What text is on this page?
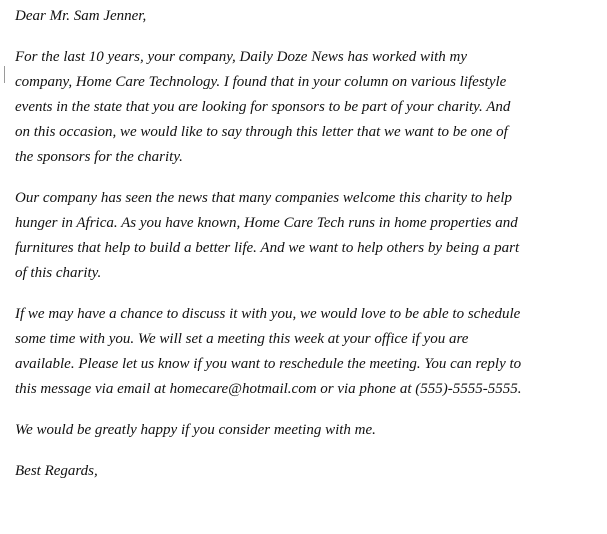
Dear Mr. Sam Jenner,

For the last 10 years, your company, Daily Doze News has worked with my
company, Home Care Technology. I found that in your column on various lifestyle
events in the state that you are looking for sponsors to be part of your charity. And
on this occasion, we would like to say through this letter that we want to be one of
the sponsors for the charity.

Our company has seen the news that many companies welcome this charity to help
hunger in Africa. As you have known, Home Care Tech runs in home properties and
furnitures that help to build a better life. And we want to help others by being a part
of this charity.

If we may have a chance to discuss it with you, we would love to be able to schedule
some time with you. We will set a meeting this week at your office if you are
available. Please let us know if you want to reschedule the meeting. You can reply to
this message via email at homecare@hotmail.com or via phone at (555)-5555-5555.

We would be greatly happy if you consider meeting with me.

Best Regards,
